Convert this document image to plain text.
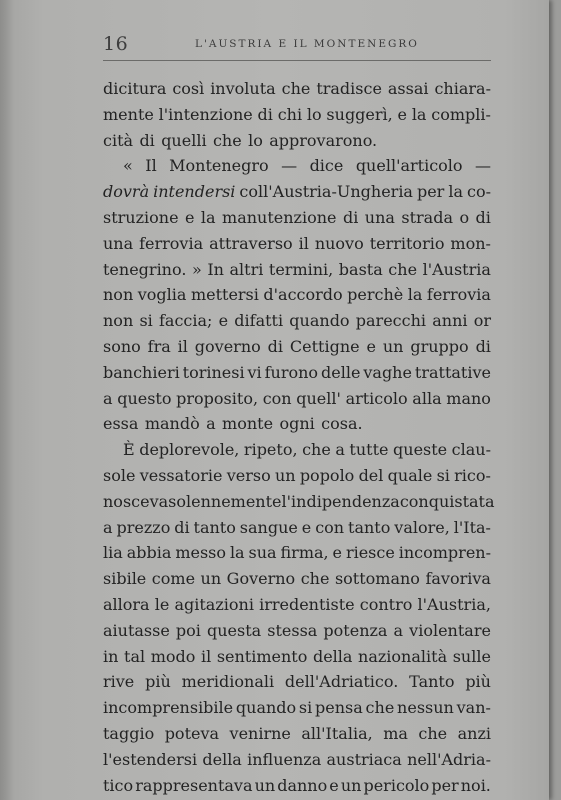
16	L'AUSTRIA E IL MONTENEGRO
dicitura così involuta che tradisce assai chiara-
mente l'intenzione di chi lo suggerì, e la compli-
cità di quelli che lo approvarono.
« Il Montenegro — dice quell'articolo —
dovrà intendersi coll'Austria-Ungheria per la co-
struzione e la manutenzione di una strada o di
una ferrovia attraverso il nuovo territorio mon-
tenegrino. » In altri termini, basta che l'Austria
non voglia mettersi d'accordo perchè la ferrovia
non si faccia; e difatti quando parecchi anni or
sono fra il governo di Cettigne e un gruppo di
banchieri torinesi vi furono delle vaghe trattative
a questo proposito, con quell' articolo alla mano
essa mandò a monte ogni cosa.
È deplorevole, ripeto, che a tutte queste clau-
sole vessatorie verso un popolo del quale si rico-
nosceva solennemente l'indipendenza conquistata
a prezzo di tanto sangue e con tanto valore, l'Ita-
lia abbia messo la sua firma, e riesce incompren-
sibile come un Governo che sottomano favoriva
allora le agitazioni irredentiste contro l'Austria,
aiutasse poi questa stessa potenza a violentare
in tal modo il sentimento della nazionalità sulle
rive più meridionali dell'Adriatico. Tanto più
incomprensibile quando si pensa che nessun van-
taggio poteva venirne all'Italia, ma che anzi
l'estendersi della influenza austriaca nell'Adria-
tico rappresentava un danno e un pericolo per noi.
